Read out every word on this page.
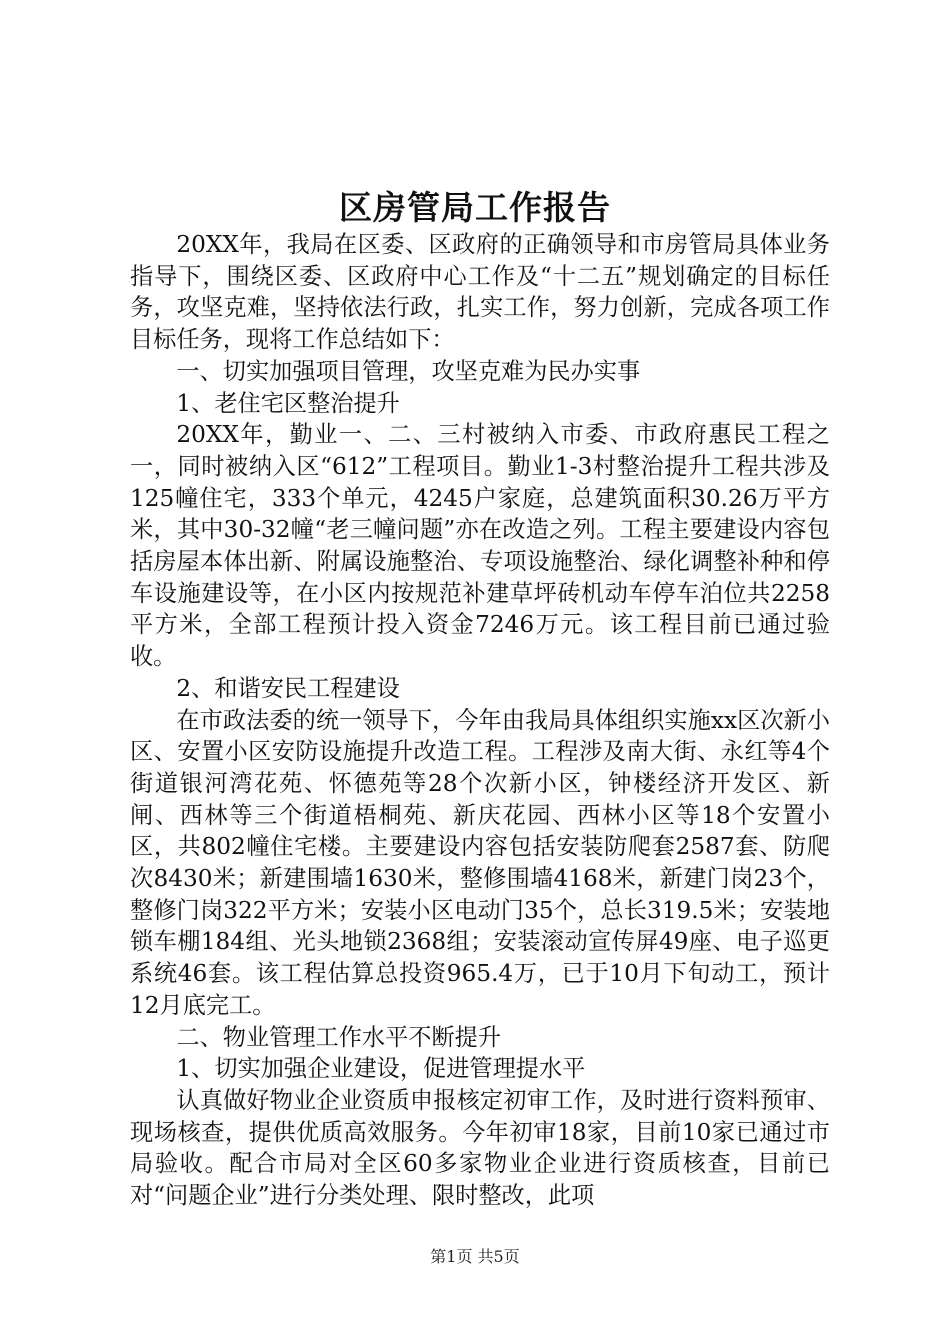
区房管局工作报告

20XX年，我局在区委、区政府的正确领导和市房管局具体业务指导下，围绕区委、区政府中心工作及“十二五”规划确定的目标任务，攻坚克难，坚持依法行政，扎实工作，努力创新，完成各项工作目标任务，现将工作总结如下：

一、切实加强项目管理，攻坚克难为民办实事

1、老住宅区整治提升

20XX年，勤业一、二、三村被纳入市委、市政府惠民工程之一，同时被纳入区“612”工程项目。勤业1-3村整治提升工程共涉及125幢住宅，333个单元，4245户家庭，总建筑面积30.26万平方米，其中30-32幢“老三幢问题”亦在改造之列。工程主要建设内容包括房屋本体出新、附属设施整治、专项设施整治、绿化调整补种和停车设施建设等，在小区内按规范补建草坪砖机动车停车泊位共2258平方米，全部工程预计投入资金7246万元。该工程目前已通过验收。

2、和谐安民工程建设

在市政法委的统一领导下，今年由我局具体组织实施xx区次新小区、安置小区安防设施提升改造工程。工程涉及南大街、永红等4个街道银河湾花苑、怀德苑等28个次新小区，钟楼经济开发区、新闸、西林等三个街道梧桐苑、新庆花园、西林小区等18个安置小区，共802幢住宅楼。主要建设内容包括安装防爬套2587套、防爬次8430米；新建围墙1630米，整修围墙4168米，新建门岗23个，整修门岗322平方米；安装小区电动门35个，总长319.5米；安装地锁车棚184组、光头地锁2368组；安装滚动宣传屏49座、电子巡更系统46套。该工程估算总投资965.4万，已于10月下旬动工，预计12月底完工。

二、物业管理工作水平不断提升

1、切实加强企业建设，促进管理提水平

认真做好物业企业资质申报核定初审工作，及时进行资料预审、现场核查，提供优质高效服务。今年初审18家，目前10家已通过市局验收。配合市局对全区60多家物业企业进行资质核查，目前已对“问题企业”进行分类处理、限时整改，此项

第1页 共5页
